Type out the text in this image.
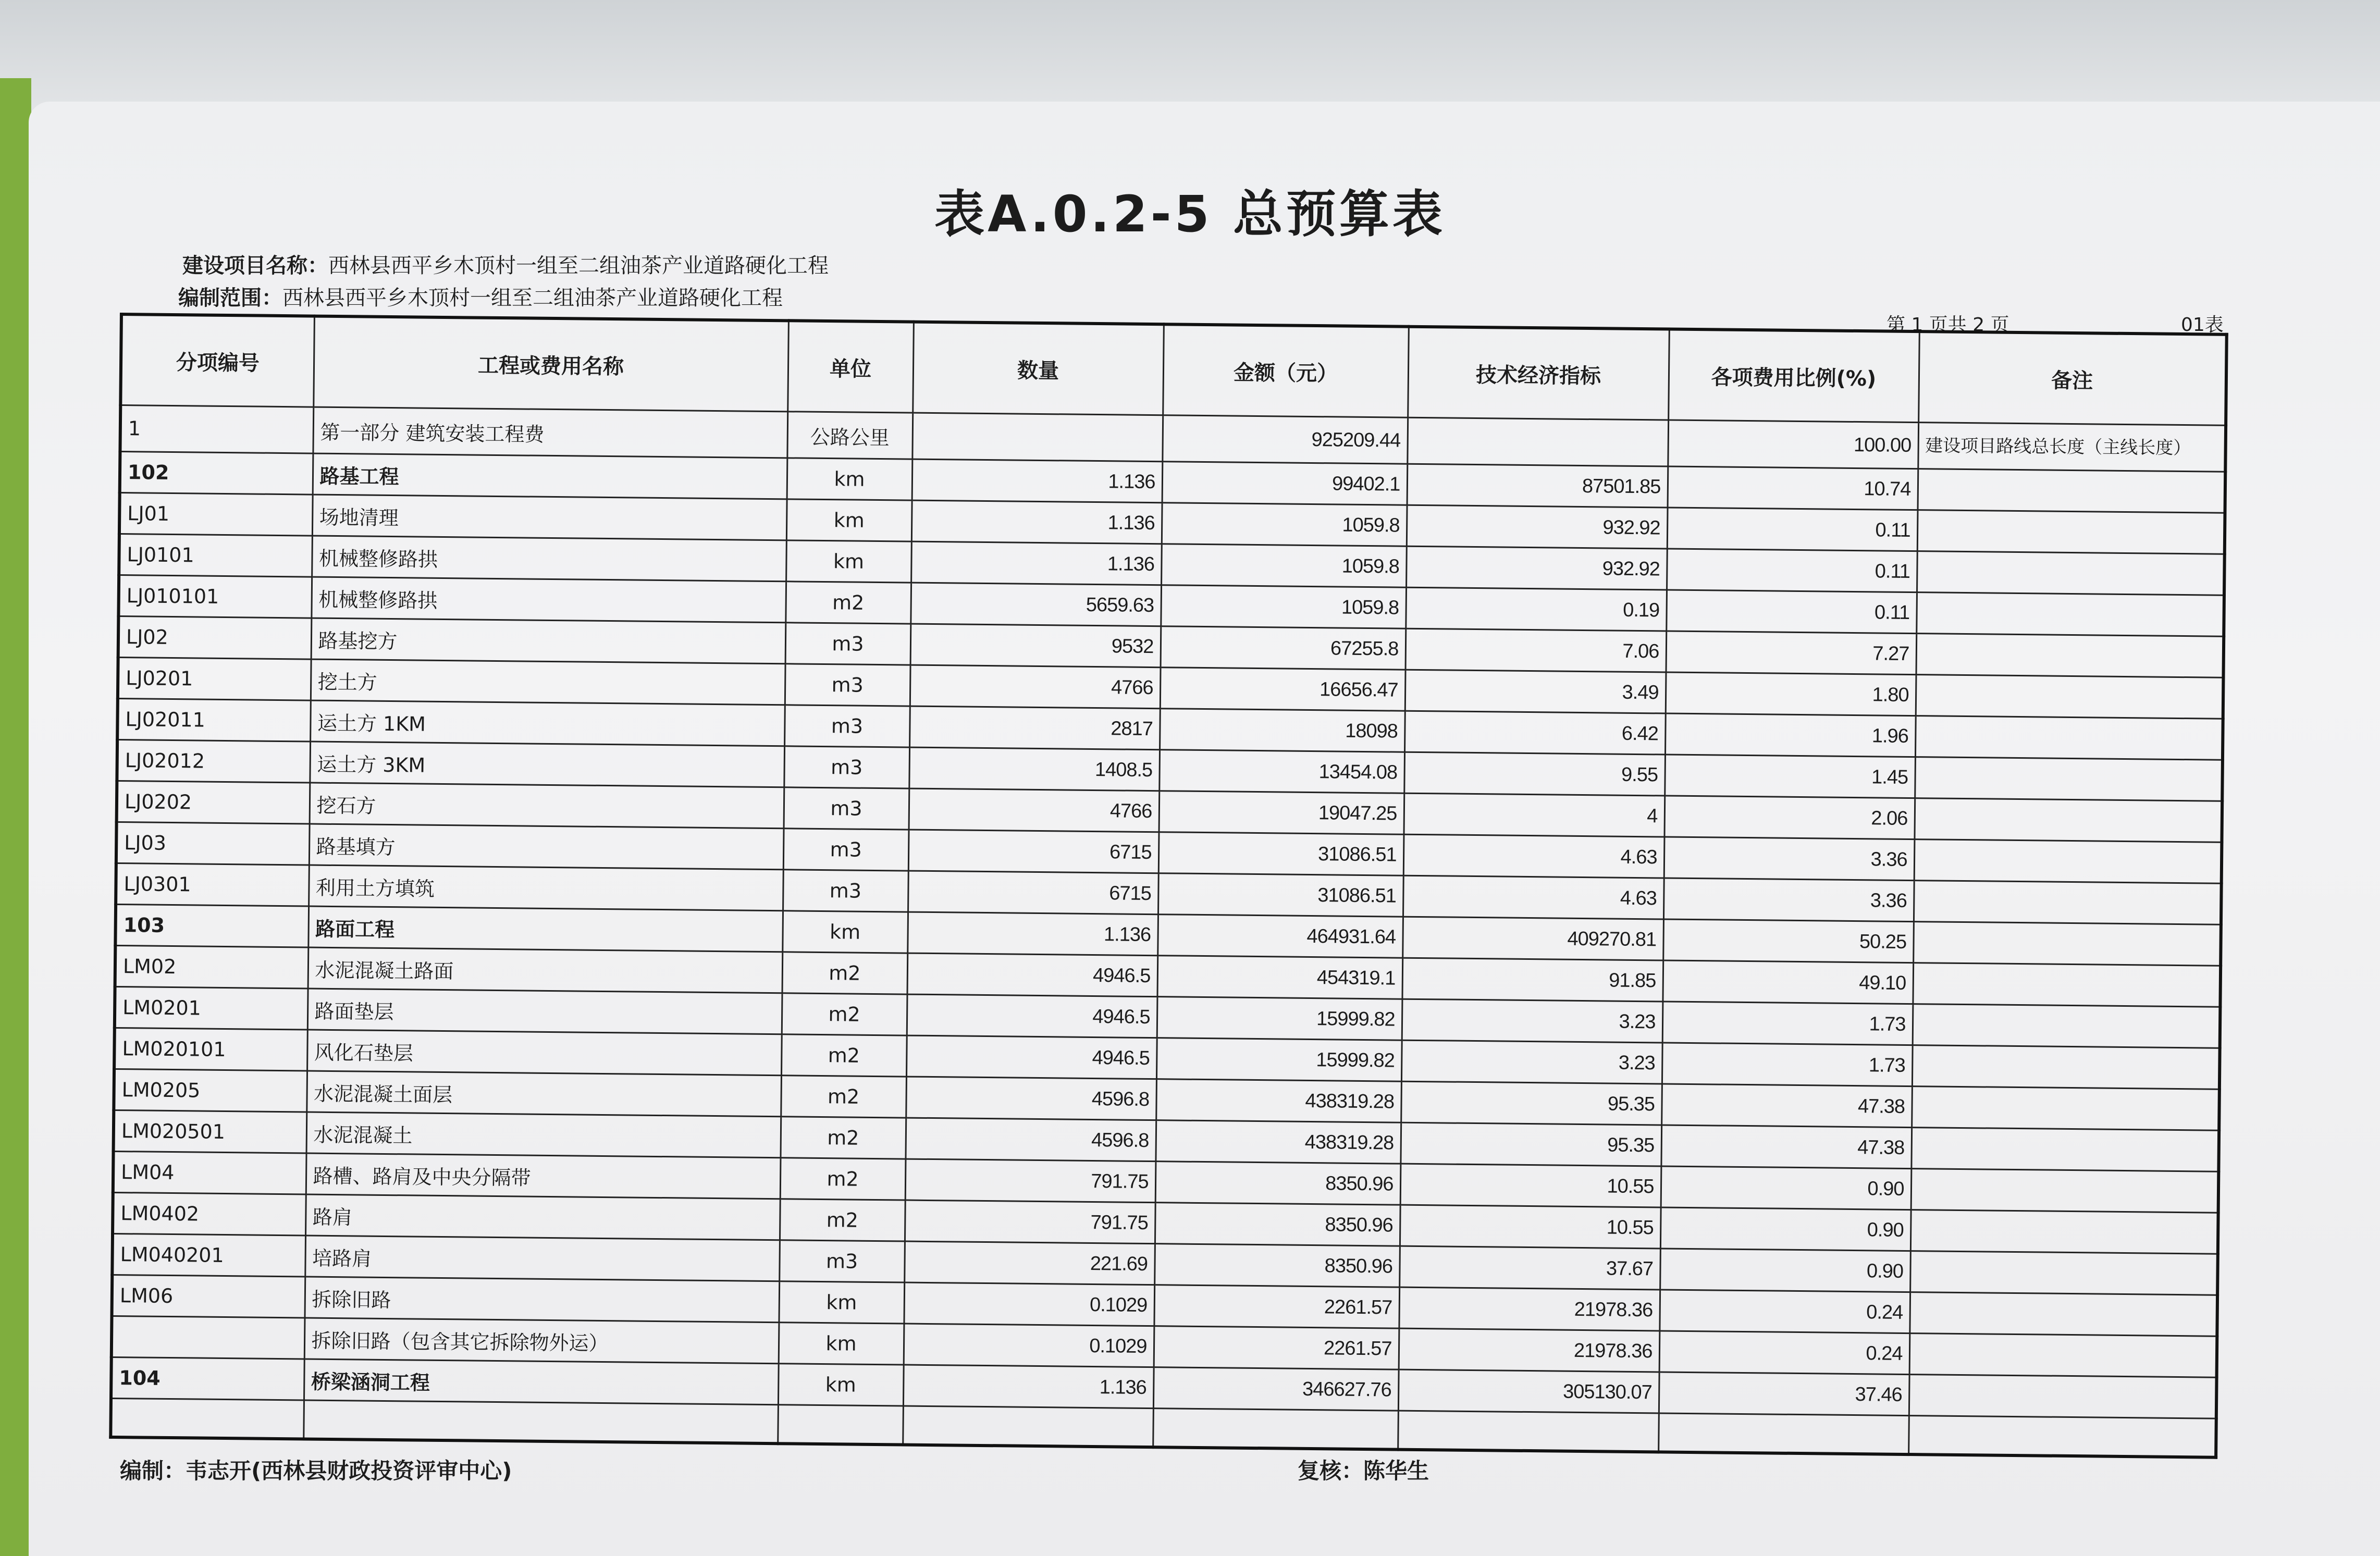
表A.0.2-5 总预算表
建设项目名称：西林县西平乡木顶村一组至二组油茶产业道路硬化工程
编制范围：西林县西平乡木顶村一组至二组油茶产业道路硬化工程
第 1 页共 2 页	01表
分项编号	工程或费用名称	单位	数量	金额（元）	技术经济指标	各项费用比例(%)	备注
1	第一部分 建筑安装工程费	公路公里		925209.44		100.00	建设项目路线总长度（主线长度）
102	路基工程	km	1.136	99402.1	87501.85	10.74	
LJ01	场地清理	km	1.136	1059.8	932.92	0.11	
LJ0101	机械整修路拱	km	1.136	1059.8	932.92	0.11	
LJ010101	机械整修路拱	m2	5659.63	1059.8	0.19	0.11	
LJ02	路基挖方	m3	9532	67255.8	7.06	7.27	
LJ0201	挖土方	m3	4766	16656.47	3.49	1.80	
LJ02011	运土方 1KM	m3	2817	18098	6.42	1.96	
LJ02012	运土方 3KM	m3	1408.5	13454.08	9.55	1.45	
LJ0202	挖石方	m3	4766	19047.25	4	2.06	
LJ03	路基填方	m3	6715	31086.51	4.63	3.36	
LJ0301	利用土方填筑	m3	6715	31086.51	4.63	3.36	
103	路面工程	km	1.136	464931.64	409270.81	50.25	
LM02	水泥混凝土路面	m2	4946.5	454319.1	91.85	49.10	
LM0201	路面垫层	m2	4946.5	15999.82	3.23	1.73	
LM020101	风化石垫层	m2	4946.5	15999.82	3.23	1.73	
LM0205	水泥混凝土面层	m2	4596.8	438319.28	95.35	47.38	
LM020501	水泥混凝土	m2	4596.8	438319.28	95.35	47.38	
LM04	路槽、路肩及中央分隔带	m2	791.75	8350.96	10.55	0.90	
LM0402	路肩	m2	791.75	8350.96	10.55	0.90	
LM040201	培路肩	m3	221.69	8350.96	37.67	0.90	
LM06	拆除旧路	km	0.1029	2261.57	21978.36	0.24	
	拆除旧路（包含其它拆除物外运）	km	0.1029	2261.57	21978.36	0.24	
104	桥梁涵洞工程	km	1.136	346627.76	305130.07	37.46	

编制：韦志开(西林县财政投资评审中心)	复核：陈华生
